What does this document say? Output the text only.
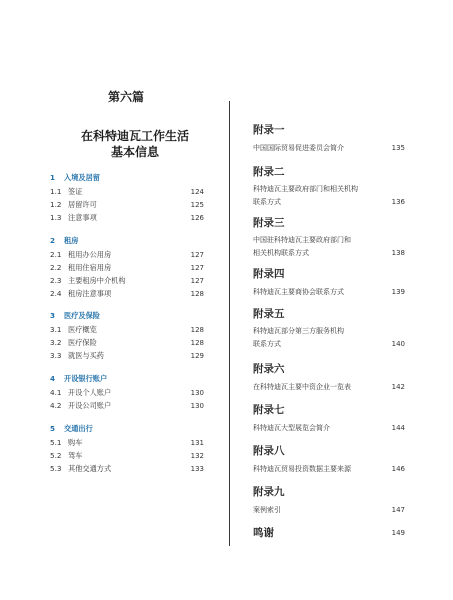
第六篇
在科特迪瓦工作生活
基本信息
1 入境及居留
1.1 签证	124
1.2 居留许可	125
1.3 注意事项	126
2 租房
2.1 租用办公用房	127
2.2 租用住宿用房	127
2.3 主要租房中介机构	127
2.4 租房注意事项	128
3 医疗及保险
3.1 医疗概览	128
3.2 医疗保险	128
3.3 就医与买药	129
4 开设银行账户
4.1 开设个人账户	130
4.2 开设公司账户	130
5 交通出行
5.1 购车	131
5.2 驾车	132
5.3 其他交通方式	133
附录一
中国国际贸易促进委员会简介	135
附录二
科特迪瓦主要政府部门和相关机构
联系方式	136
附录三
中国驻科特迪瓦主要政府部门和
相关机构联系方式	138
附录四
科特迪瓦主要商协会联系方式	139
附录五
科特迪瓦部分第三方服务机构
联系方式	140
附录六
在科特迪瓦主要中资企业一览表	142
附录七
科特迪瓦大型展览会简介	144
附录八
科特迪瓦贸易投资数据主要来源	146
附录九
案例索引	147
鸣谢	149
